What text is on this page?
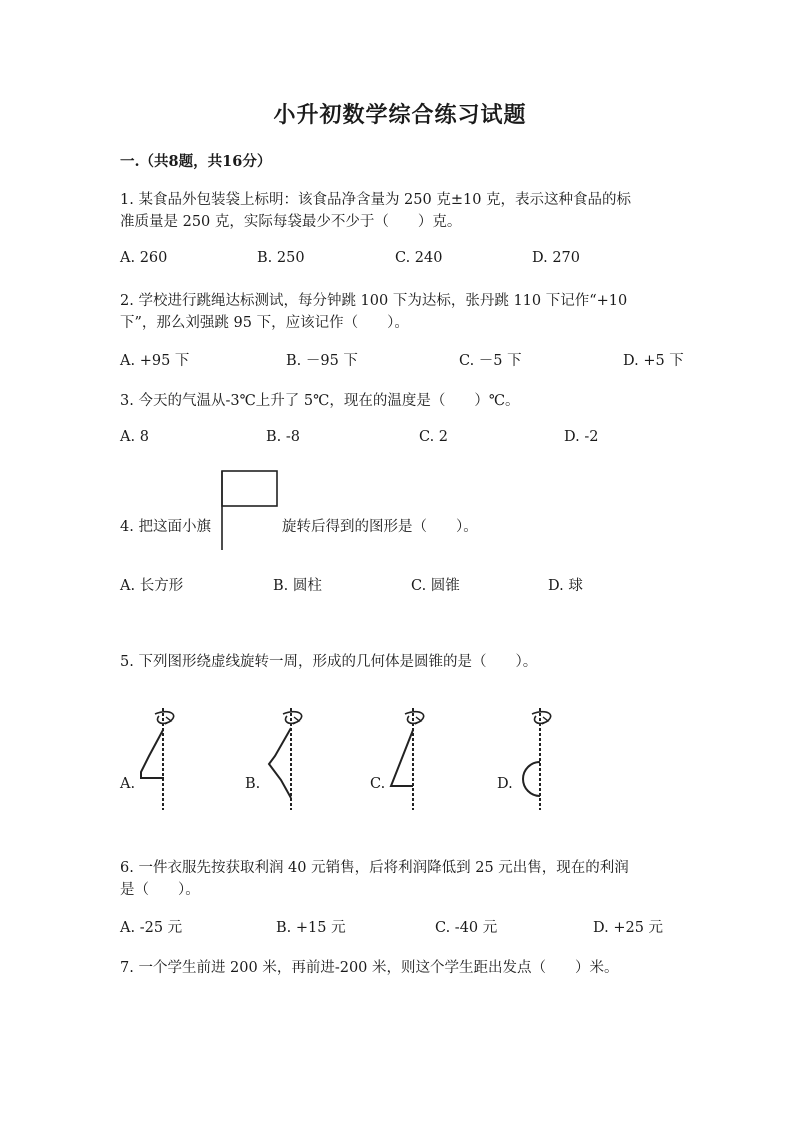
小升初数学综合练习试题
一.（共8题，共16分）
1. 某食品外包装袋上标明：该食品净含量为 250 克±10 克，表示这种食品的标
准质量是 250 克，实际每袋最少不少于（　　）克。
A. 260	B. 250	C. 240	D. 270
2. 学校进行跳绳达标测试，每分钟跳 100 下为达标，张丹跳 110 下记作“+10
下”，那么刘强跳 95 下，应该记作（　　）。
A. +95 下	B. －95 下	C. －5 下	D. +5 下
3. 今天的气温从-3℃上升了 5℃，现在的温度是（　　）℃。
A. 8	B. -8	C. 2	D. -2
4. 把这面小旗	旋转后得到的图形是（　　）。
A. 长方形	B. 圆柱	C. 圆锥	D. 球
5. 下列图形绕虚线旋转一周，形成的几何体是圆锥的是（　　）。
A.	B.	C.	D.
6. 一件衣服先按获取利润 40 元销售，后将利润降低到 25 元出售，现在的利润
是（　　）。
A. -25 元	B. +15 元	C. -40 元	D. +25 元
7. 一个学生前进 200 米，再前进-200 米，则这个学生距出发点（　　）米。
